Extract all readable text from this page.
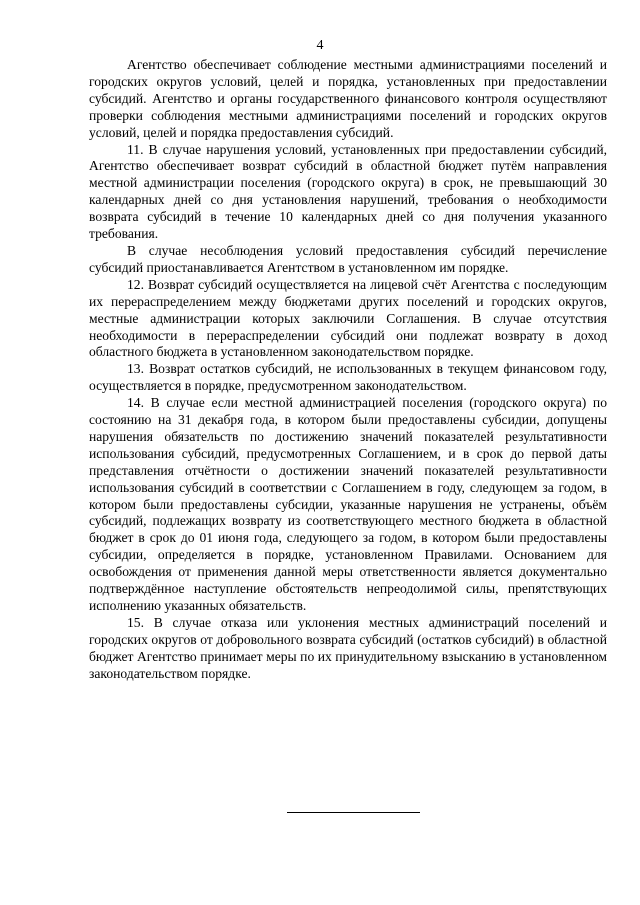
4

Агентство обеспечивает соблюдение местными администрациями поселений и городских округов условий, целей и порядка, установленных при предоставлении субсидий. Агентство и органы государственного финансового контроля осуществляют проверки соблюдения местными администрациями поселений и городских округов условий, целей и порядка предоставления субсидий.

11. В случае нарушения условий, установленных при предоставлении субсидий, Агентство обеспечивает возврат субсидий в областной бюджет путём направления местной администрации поселения (городского округа) в срок, не превышающий 30 календарных дней со дня установления нарушений, требования о необходимости возврата субсидий в течение 10 календарных дней со дня получения указанного требования.

В случае несоблюдения условий предоставления субсидий перечисление субсидий приостанавливается Агентством в установленном им порядке.

12. Возврат субсидий осуществляется на лицевой счёт Агентства с последующим их перераспределением между бюджетами других поселений и городских округов, местные администрации которых заключили Соглашения. В случае отсутствия необходимости в перераспределении субсидий они подлежат возврату в доход областного бюджета в установленном законодательством порядке.

13. Возврат остатков субсидий, не использованных в текущем финансовом году, осуществляется в порядке, предусмотренном законодательством.

14. В случае если местной администрацией поселения (городского округа) по состоянию на 31 декабря года, в котором были предоставлены субсидии, допущены нарушения обязательств по достижению значений показателей результативности использования субсидий, предусмотренных Соглашением, и в срок до первой даты представления отчётности о достижении значений показателей результативности использования субсидий в соответствии с Соглашением в году, следующем за годом, в котором были предоставлены субсидии, указанные нарушения не устранены, объём субсидий, подлежащих возврату из соответствующего местного бюджета в областной бюджет в срок до 01 июня года, следующего за годом, в котором были предоставлены субсидии, определяется в порядке, установленном Правилами. Основанием для освобождения от применения данной меры ответственности является документально подтверждённое наступление обстоятельств непреодолимой силы, препятствующих исполнению указанных обязательств.

15. В случае отказа или уклонения местных администраций поселений и городских округов от добровольного возврата субсидий (остатков субсидий) в областной бюджет Агентство принимает меры по их принудительному взысканию в установленном законодательством порядке.
